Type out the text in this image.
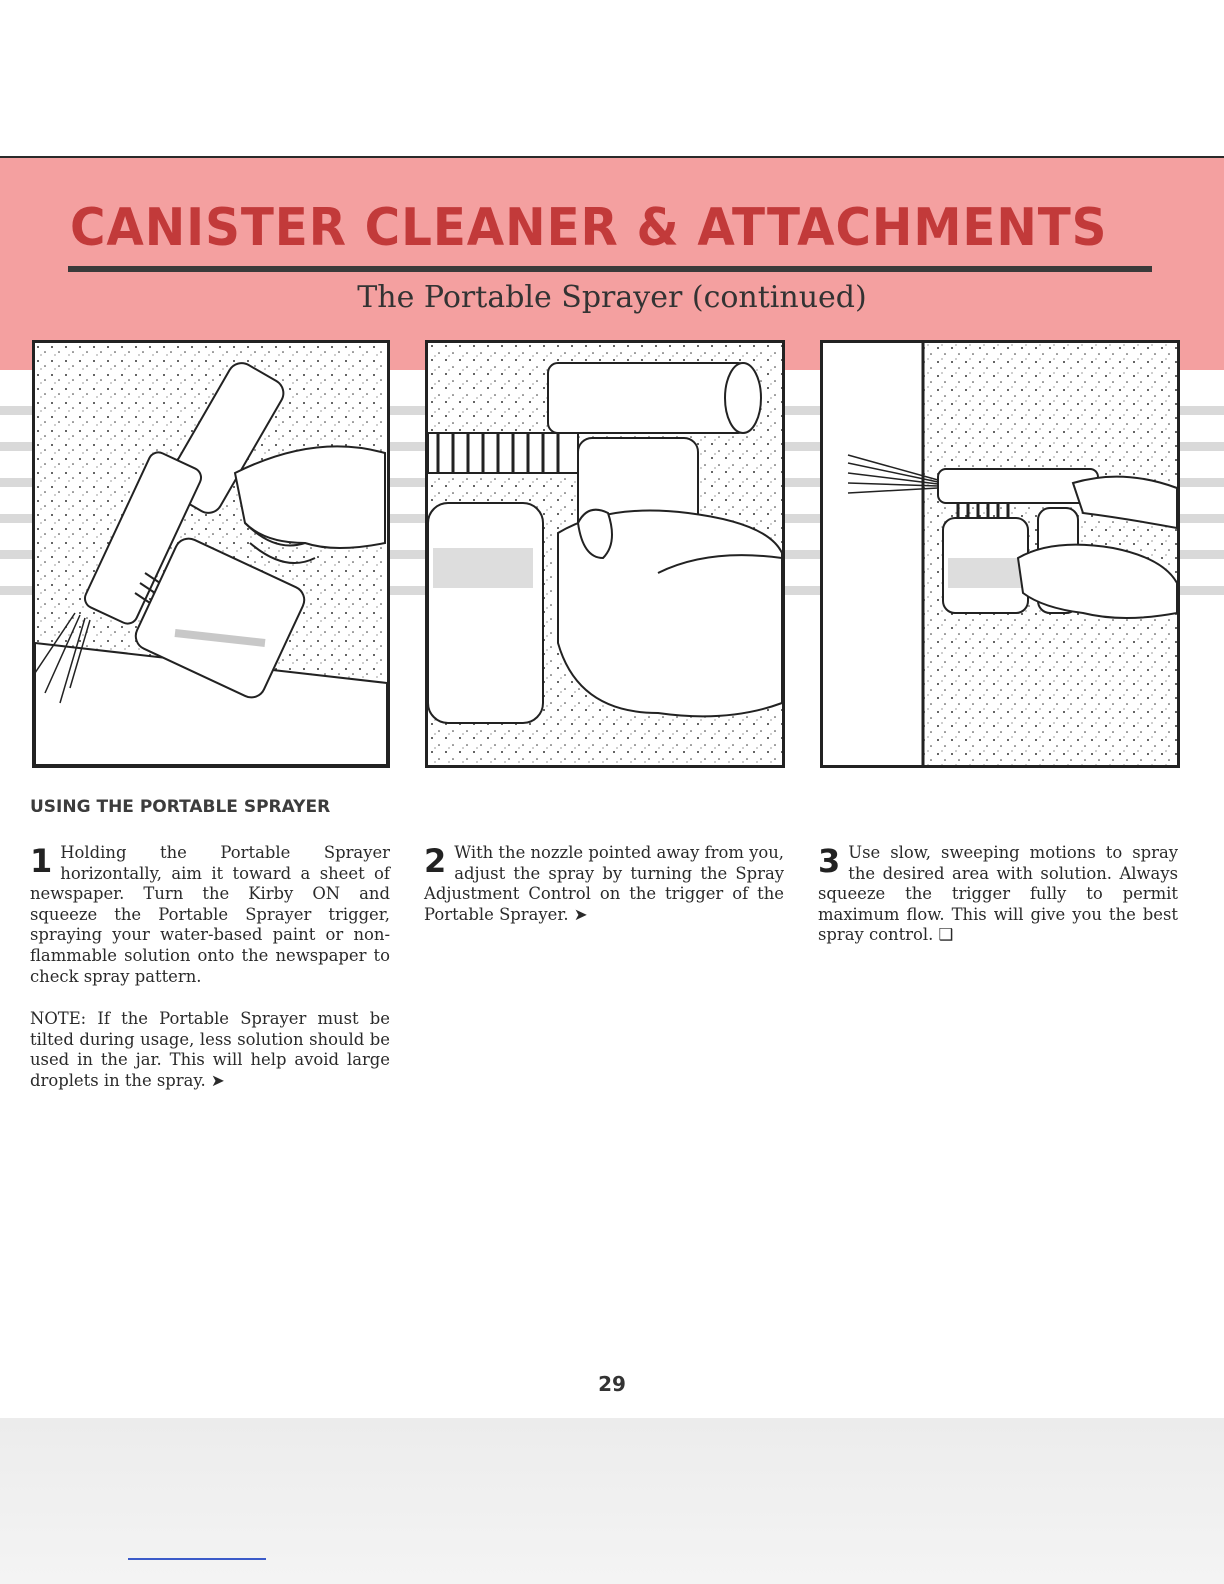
CANISTER CLEANER & ATTACHMENTS
The Portable Sprayer (continued)
USING THE PORTABLE SPRAYER
1 Holding the Portable Sprayer horizontally, aim it toward a sheet of newspaper. Turn the Kirby ON and squeeze the Portable Sprayer trigger, spraying your water-based paint or non-flammable solution onto the newspaper to check spray pattern.
NOTE: If the Portable Sprayer must be tilted during usage, less solution should be used in the jar. This will help avoid large droplets in the spray. ➤
2 With the nozzle pointed away from you, adjust the spray by turning the Spray Adjustment Control on the trigger of the Portable Sprayer. ➤
3 Use slow, sweeping motions to spray the desired area with solution. Always squeeze the trigger fully to permit maximum flow. This will give you the best spray control. ❑
29
